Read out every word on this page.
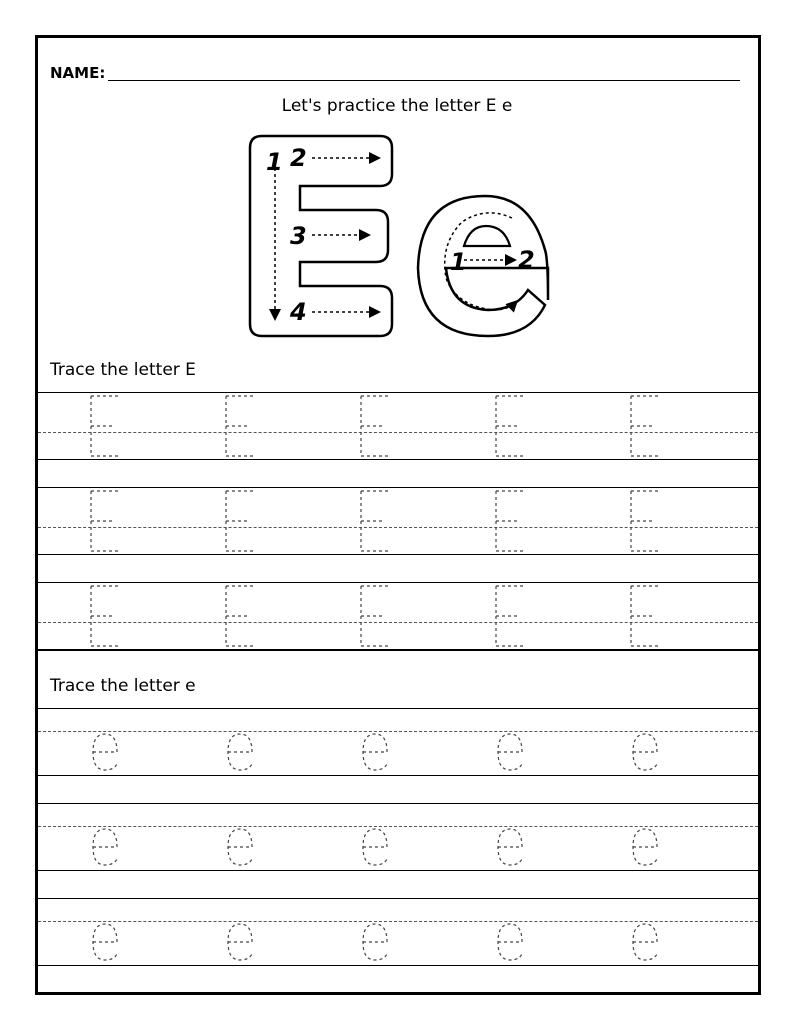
NAME:
Let's practice the letter E e
1 2
3
4
1 2
Trace the letter E
Trace the letter e
